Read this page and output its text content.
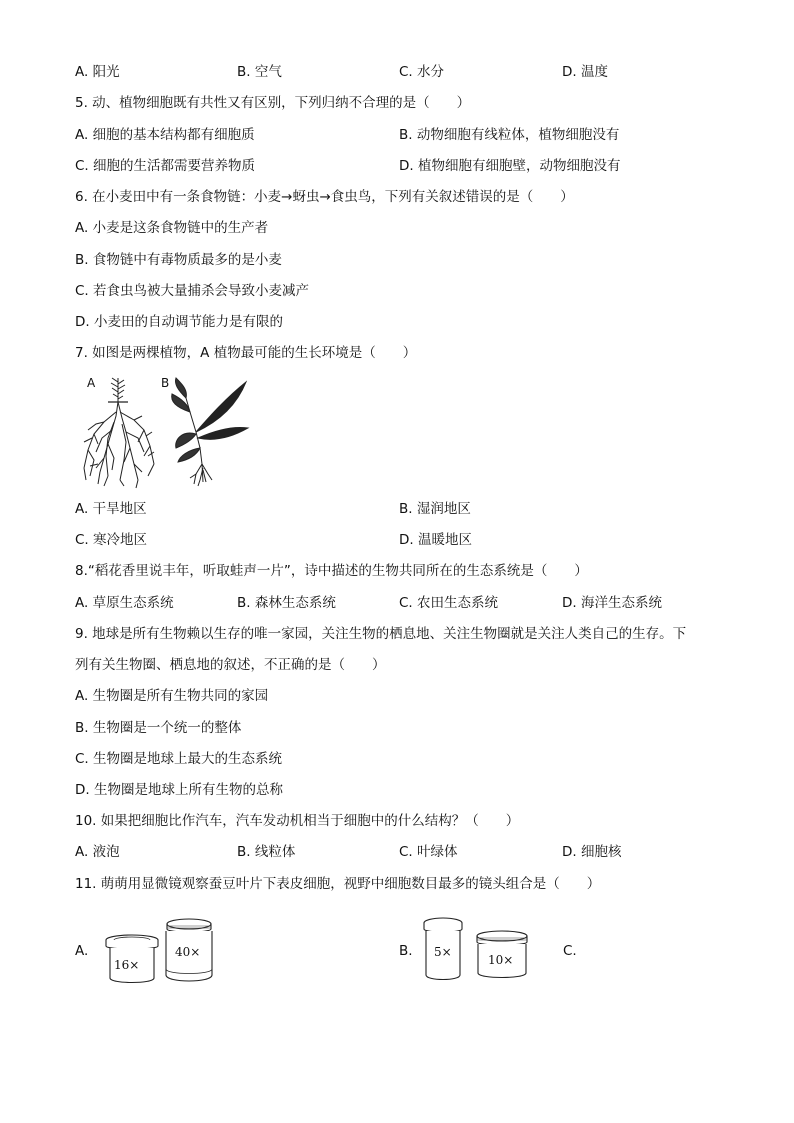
A. 阳光	B. 空气	C. 水分	D. 温度
5. 动、植物细胞既有共性又有区别，下列归纳不合理的是（　　）
A. 细胞的基本结构都有细胞质	B. 动物细胞有线粒体，植物细胞没有
C. 细胞的生活都需要营养物质	D. 植物细胞有细胞壁，动物细胞没有
6. 在小麦田中有一条食物链：小麦→蚜虫→食虫鸟，下列有关叙述错误的是（　　）
A. 小麦是这条食物链中的生产者
B. 食物链中有毒物质最多的是小麦
C. 若食虫鸟被大量捕杀会导致小麦减产
D. 小麦田的自动调节能力是有限的
7. 如图是两棵植物，A 植物最可能的生长环境是（　　）
A	B
A. 干旱地区	B. 湿润地区
C. 寒冷地区	D. 温暖地区
8.“稻花香里说丰年，听取蛙声一片”，诗中描述的生物共同所在的生态系统是（　　）
A. 草原生态系统	B. 森林生态系统	C. 农田生态系统	D. 海洋生态系统
9. 地球是所有生物赖以生存的唯一家园，关注生物的栖息地、关注生物圈就是关注人类自己的生存。下
列有关生物圈、栖息地的叙述，不正确的是（　　）
A. 生物圈是所有生物共同的家园
B. 生物圈是一个统一的整体
C. 生物圈是地球上最大的生态系统
D. 生物圈是地球上所有生物的总称
10. 如果把细胞比作汽车，汽车发动机相当于细胞中的什么结构？（　　）
A. 液泡	B. 线粒体	C. 叶绿体	D. 细胞核
11. 萌萌用显微镜观察蚕豆叶片下表皮细胞，视野中细胞数目最多的镜头组合是（　　）
A.	B.	C.
16×
40×	5×
10×
